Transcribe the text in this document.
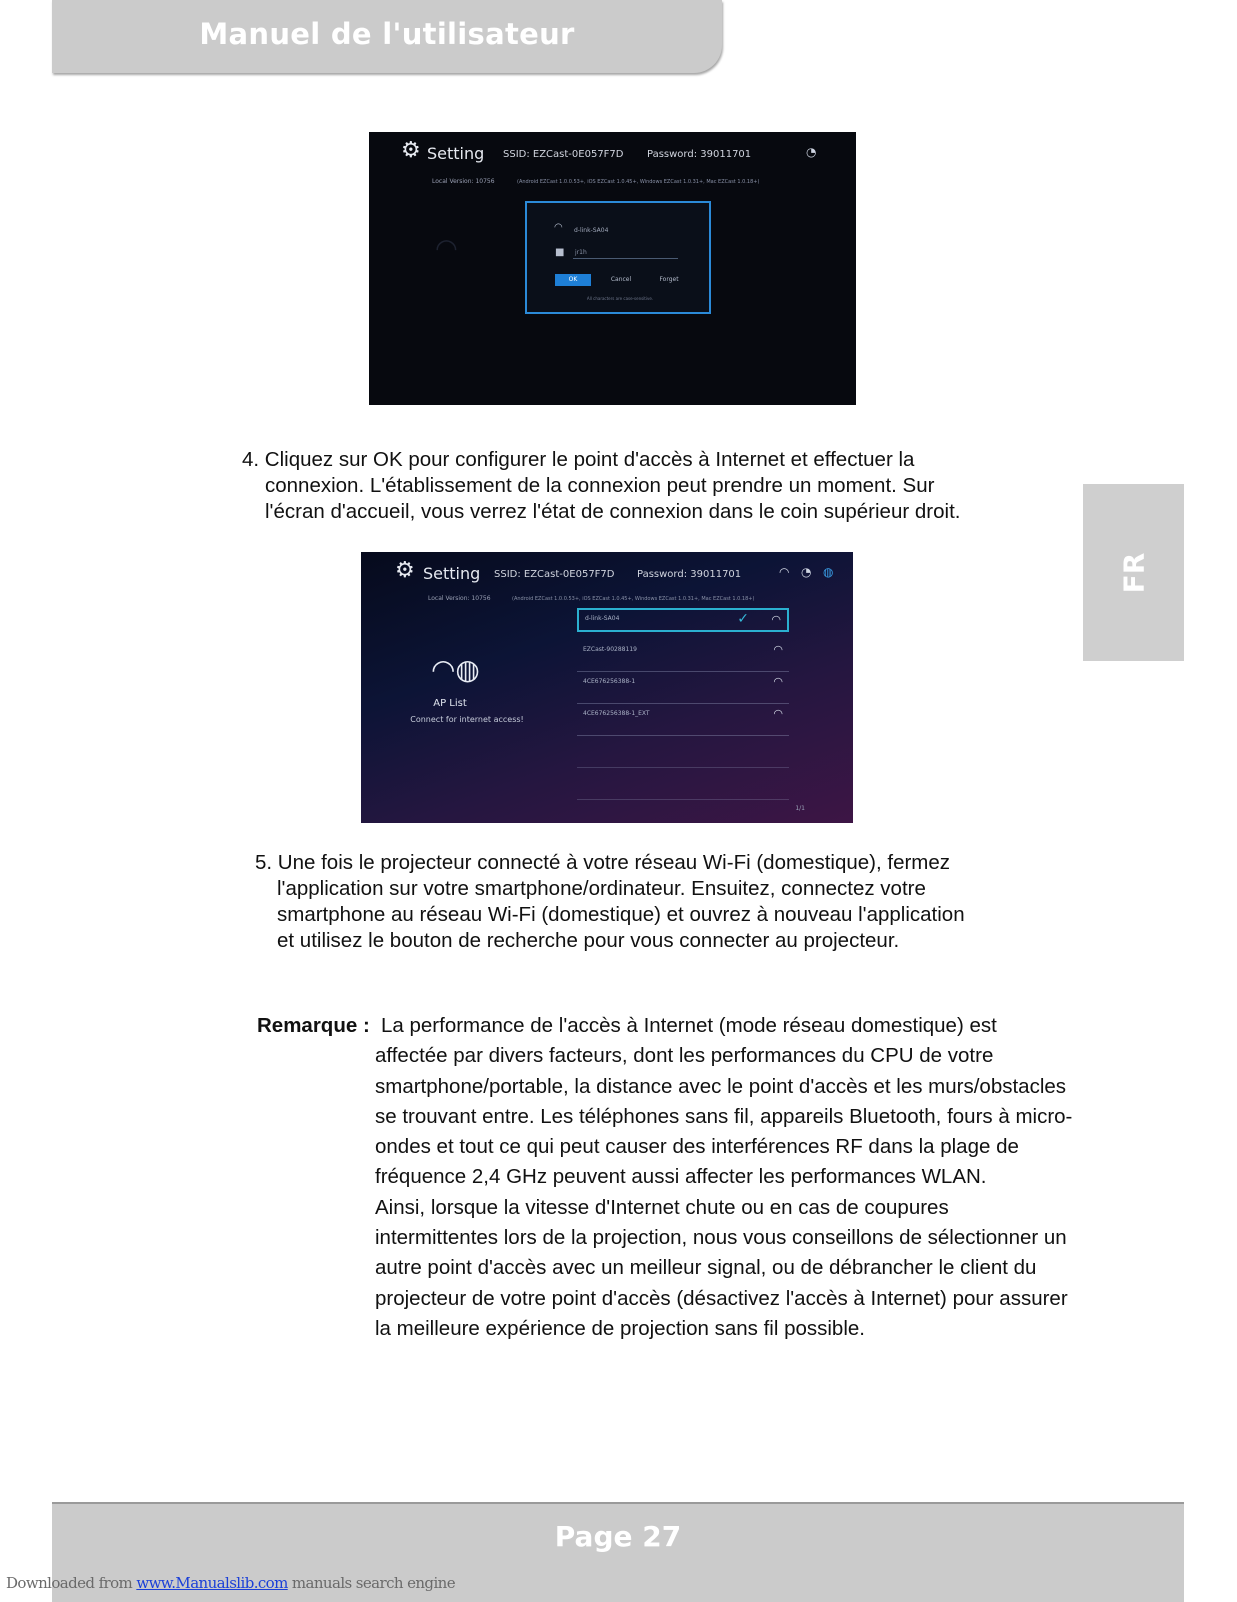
Manuel de l'utilisateur
FR
⚙ Setting SSID: EZCast-0E057F7D Password: 39011701	◔
Local Version: 10756	(Android EZCast 1.0.0.53+, iOS EZCast 1.0.45+, Windows EZCast 1.0.31+, Mac EZCast 1.0.18+)
◠
◠ d-link-SA04
■	jr1h
OK	Cancel	Forget
All characters are case-sensitive.

4. Cliquez sur OK pour configurer le point d'accès à Internet et effectuer la

connexion. L'établissement de la connexion peut prendre un moment. Sur

l'écran d'accueil, vous verrez l'état de connexion dans le coin supérieur droit.

⚙ Setting SSID: EZCast-0E057F7D Password: 39011701	◠ ◔ ◍
Local Version: 10756	(Android EZCast 1.0.0.53+, iOS EZCast 1.0.45+, Windows EZCast 1.0.31+, Mac EZCast 1.0.18+)
◠◍
AP List
Connect for internet access!
d-link-SA04	✓ ◠
EZCast-90288119	◠
4CE676256388-1	◠
4CE676256388-1_EXT	◠
1/1

5. Une fois le projecteur connecté à votre réseau Wi-Fi (domestique), fermez

l'application sur votre smartphone/ordinateur. Ensuitez, connectez votre

smartphone au réseau Wi-Fi (domestique) et ouvrez à nouveau l'application

et utilisez le bouton de recherche pour vous connecter au projecteur.

Remarque : La performance de l'accès à Internet (mode réseau domestique) est affectée par divers facteurs, dont les performances du CPU de votre smartphone/portable, la distance avec le point d'accès et les murs/obstacles se trouvant entre. Les téléphones sans fil, appareils Bluetooth, fours à micro-ondes et tout ce qui peut causer des interférences RF dans la plage de fréquence 2,4 GHz peuvent aussi affecter les performances WLAN.

Ainsi, lorsque la vitesse d'Internet chute ou en cas de coupures intermittentes lors de la projection, nous vous conseillons de sélectionner un autre point d'accès avec un meilleur signal, ou de débrancher le client du projecteur de votre point d'accès (désactivez l'accès à Internet) pour assurer la meilleure expérience de projection sans fil possible.

Page 27
Downloaded from www.Manualslib.com manuals search engine
